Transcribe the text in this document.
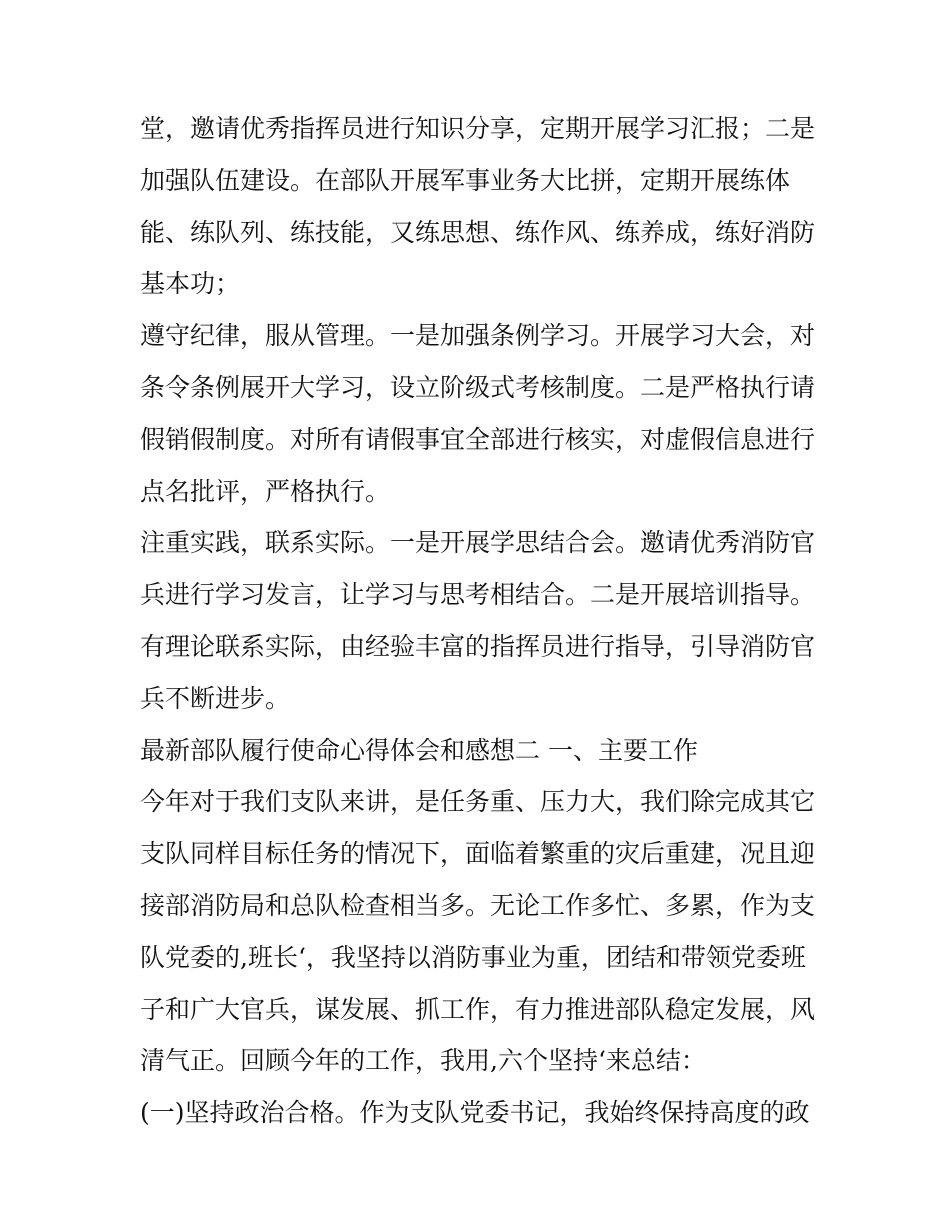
堂，邀请优秀指挥员进行知识分享，定期开展学习汇报；二是
加强队伍建设。在部队开展军事业务大比拼，定期开展练体
能、练队列、练技能，又练思想、练作风、练养成，练好消防
基本功；
遵守纪律，服从管理。一是加强条例学习。开展学习大会，对
条令条例展开大学习，设立阶级式考核制度。二是严格执行请
假销假制度。对所有请假事宜全部进行核实，对虚假信息进行
点名批评，严格执行。
注重实践，联系实际。一是开展学思结合会。邀请优秀消防官
兵进行学习发言，让学习与思考相结合。二是开展培训指导。
有理论联系实际，由经验丰富的指挥员进行指导，引导消防官
兵不断进步。
最新部队履行使命心得体会和感想二 一、主要工作
今年对于我们支队来讲，是任务重、压力大，我们除完成其它
支队同样目标任务的情况下，面临着繁重的灾后重建，况且迎
接部消防局和总队检查相当多。无论工作多忙、多累，作为支
队党委的,班长‘，我坚持以消防事业为重，团结和带领党委班
子和广大官兵，谋发展、抓工作，有力推进部队稳定发展，风
清气正。回顾今年的工作，我用,六个坚持‘来总结：
(一)坚持政治合格。作为支队党委书记，我始终保持高度的政
